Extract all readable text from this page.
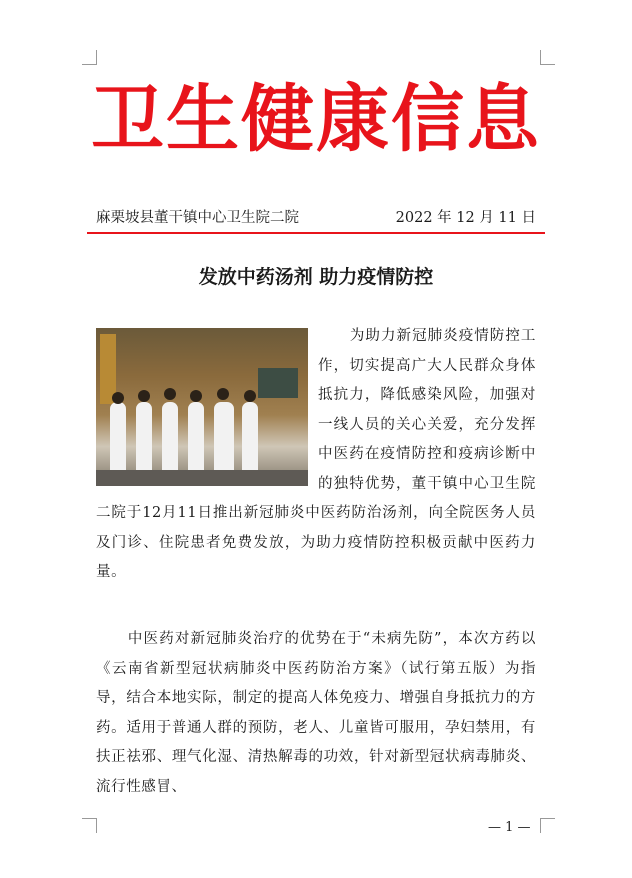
卫生健康信息
麻栗坡县董干镇中心卫生院二院	2022 年 12 月 11 日
发放中药汤剂 助力疫情防控
为助力新冠肺炎疫情防控工作，切实提高广大人民群众身体抵抗力，降低感染风险，加强对一线人员的关心关爱，充分发挥中医药在疫情防控和疫病诊断中的独特优势，董干镇中心卫生院二院于12月11日推出新冠肺炎中医药防治汤剂，向全院医务人员及门诊、住院患者免费发放，为助力疫情防控积极贡献中医药力量。
中医药对新冠肺炎治疗的优势在于“未病先防”，本次方药以《云南省新型冠状病肺炎中医药防治方案》（试行第五版）为指导，结合本地实际，制定的提高人体免疫力、增强自身抵抗力的方药。适用于普通人群的预防，老人、儿童皆可服用，孕妇禁用，有扶正祛邪、理气化湿、清热解毒的功效，针对新型冠状病毒肺炎、流行性感冒、
— 1 —
